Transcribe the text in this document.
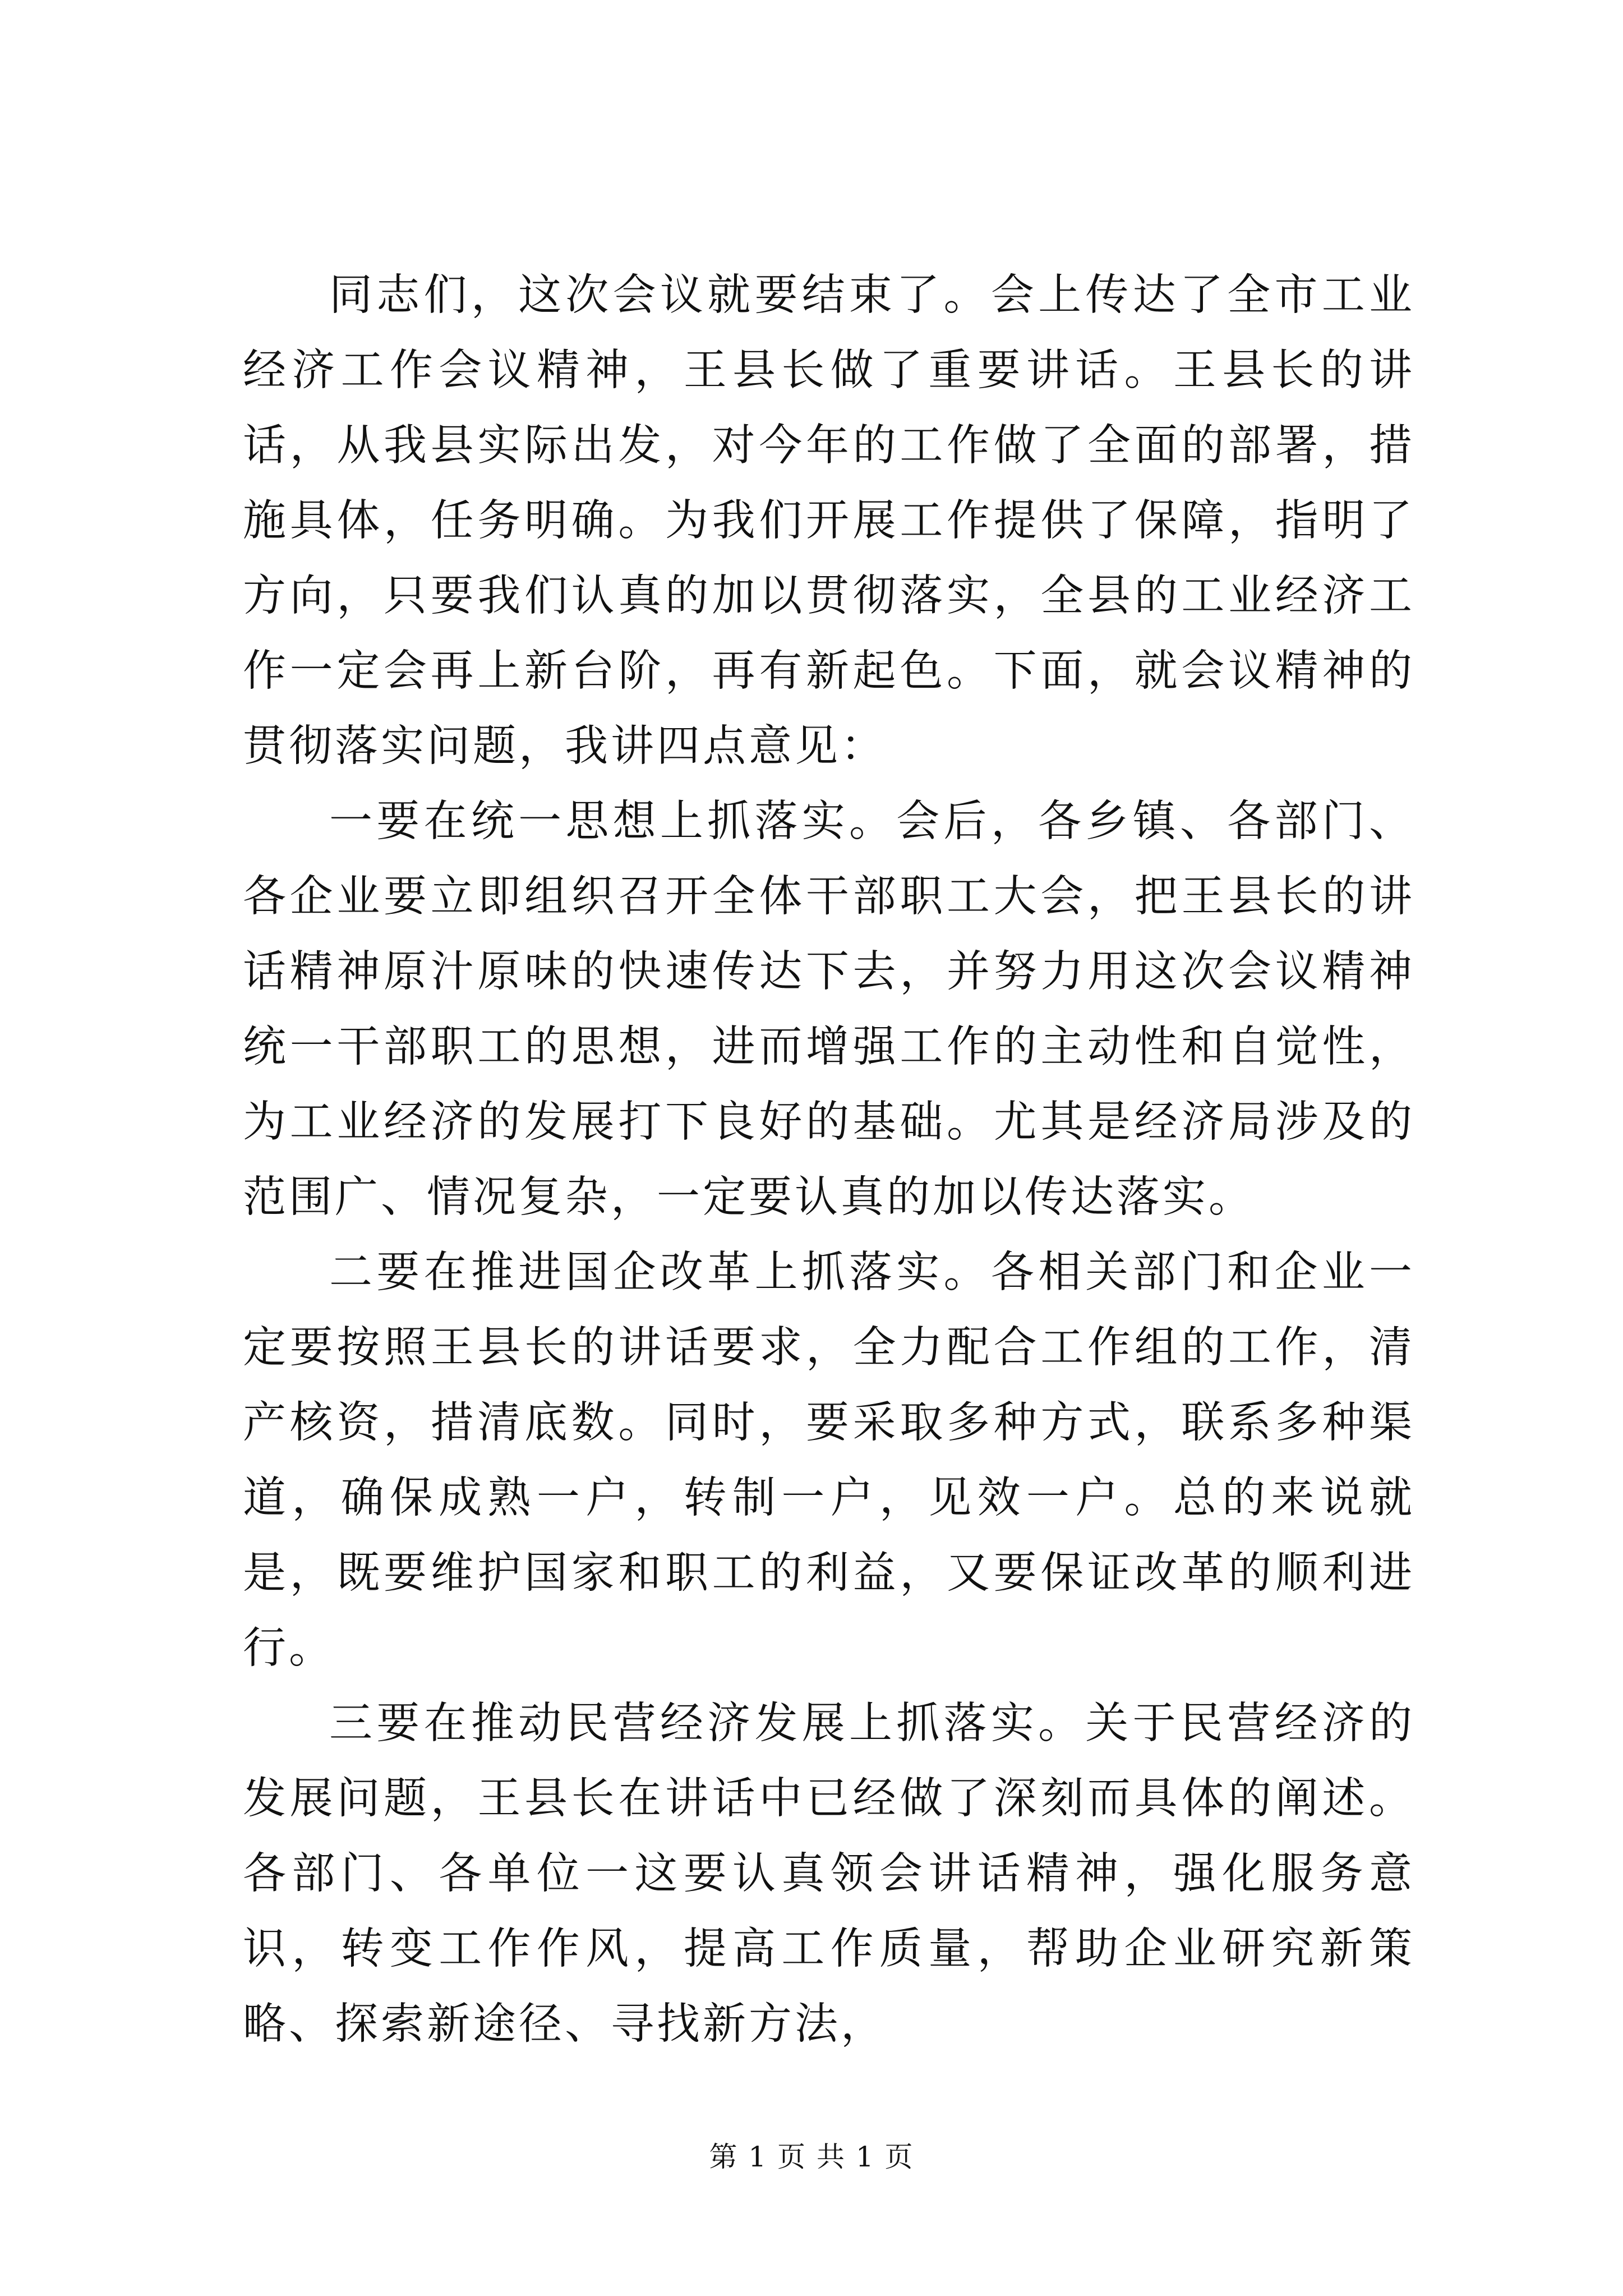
同志们，这次会议就要结束了。会上传达了全市工业经济工作会议精神，王县长做了重要讲话。王县长的讲话，从我县实际出发，对今年的工作做了全面的部署，措施具体，任务明确。为我们开展工作提供了保障，指明了方向，只要我们认真的加以贯彻落实，全县的工业经济工作一定会再上新台阶，再有新起色。下面，就会议精神的贯彻落实问题，我讲四点意见：

一要在统一思想上抓落实。会后，各乡镇、各部门、各企业要立即组织召开全体干部职工大会，把王县长的讲话精神原汁原味的快速传达下去，并努力用这次会议精神统一干部职工的思想，进而增强工作的主动性和自觉性，为工业经济的发展打下良好的基础。尤其是经济局涉及的范围广、情况复杂，一定要认真的加以传达落实。

二要在推进国企改革上抓落实。各相关部门和企业一定要按照王县长的讲话要求，全力配合工作组的工作，清产核资，措清底数。同时，要采取多种方式，联系多种渠道，确保成熟一户，转制一户，见效一户。总的来说就是，既要维护国家和职工的利益，又要保证改革的顺利进行。

三要在推动民营经济发展上抓落实。关于民营经济的发展问题，王县长在讲话中已经做了深刻而具体的阐述。各部门、各单位一这要认真领会讲话精神，强化服务意识，转变工作作风，提高工作质量，帮助企业研究新策略、探索新途径、寻找新方法，

第 1 页 共 1 页
